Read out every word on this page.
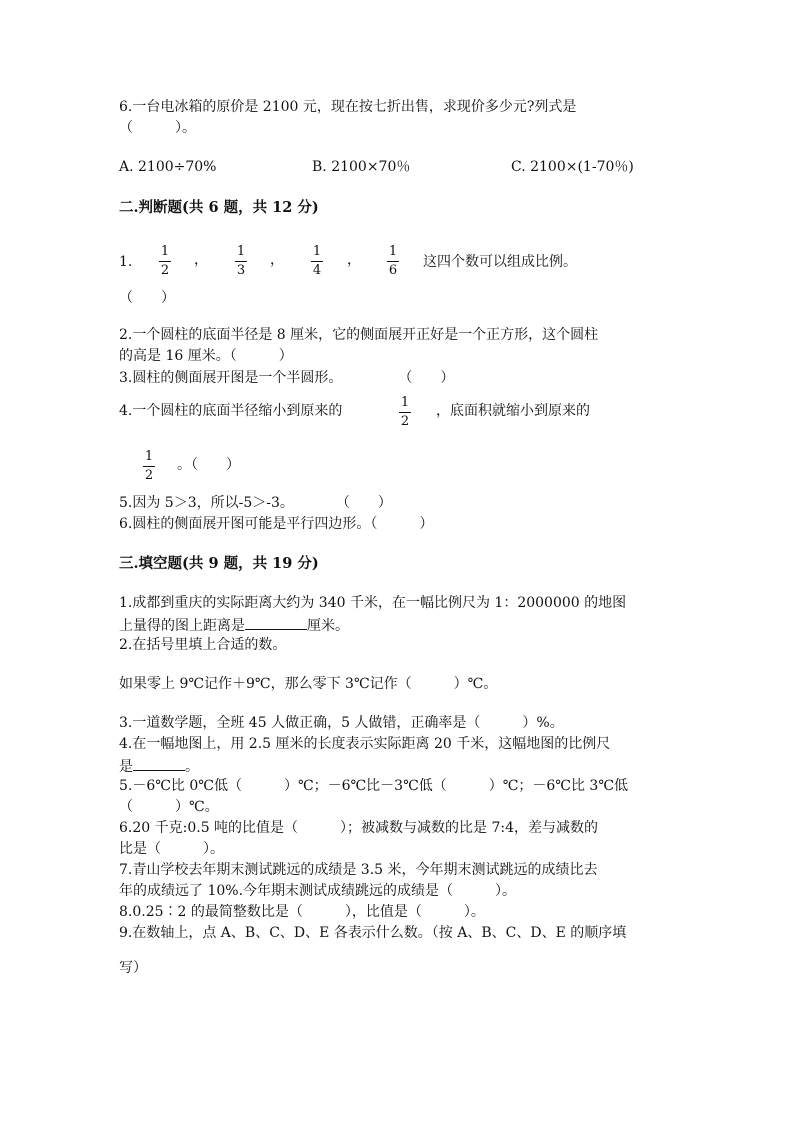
6.一台电冰箱的原价是 2100 元，现在按七折出售，求现价多少元?列式是
（　　　）。
A. 2100÷70%	B. 2100×70％	C. 2100×(1-70％)
二.判断题(共 6 题，共 12 分)
1.
1
2
，
1
3
，
1
4
，
1
6
这四个数可以组成比例。
（　　）
2.一个圆柱的底面半径是 8 厘米，它的侧面展开正好是一个正方形，这个圆柱
的高是 16 厘米。（　　　）
3.圆柱的侧面展开图是一个半圆形。　　　　　（　　）
4.一个圆柱的底面半径缩小到原来的
1
2
，底面积就缩小到原来的
1
2
。（　　）
5.因为 5＞3，所以-5＞-3。　　　　（　　）
6.圆柱的侧面展开图可能是平行四边形。（　　　）
三.填空题(共 9 题，共 19 分)
1.成都到重庆的实际距离大约为 340 千米，在一幅比例尺为 1：2000000 的地图
上量得的图上距离是	厘米。
2.在括号里填上合适的数。
如果零上 9℃记作＋9℃，那么零下 3℃记作（　　　）℃。
3.一道数学题，全班 45 人做正确，5 人做错，正确率是（　　　）%。
4.在一幅地图上，用 2.5 厘米的长度表示实际距离 20 千米，这幅地图的比例尺
是	。
5.－6℃比 0℃低（　　　）℃；－6℃比－3℃低（　　　）℃；－6℃比 3℃低
（　　　）℃。
6.20 千克:0.5 吨的比值是（　　　）；被减数与减数的比是 7:4，差与减数的
比是（　　　）。
7.青山学校去年期末测试跳远的成绩是 3.5 米，今年期末测试跳远的成绩比去
年的成绩远了 10%.今年期末测试成绩跳远的成绩是（　　　）。
8.0.25∶2 的最简整数比是（　　　），比值是（　　　）。
9.在数轴上，点 A、B、C、D、E 各表示什么数。（按 A、B、C、D、E 的顺序填
写）
